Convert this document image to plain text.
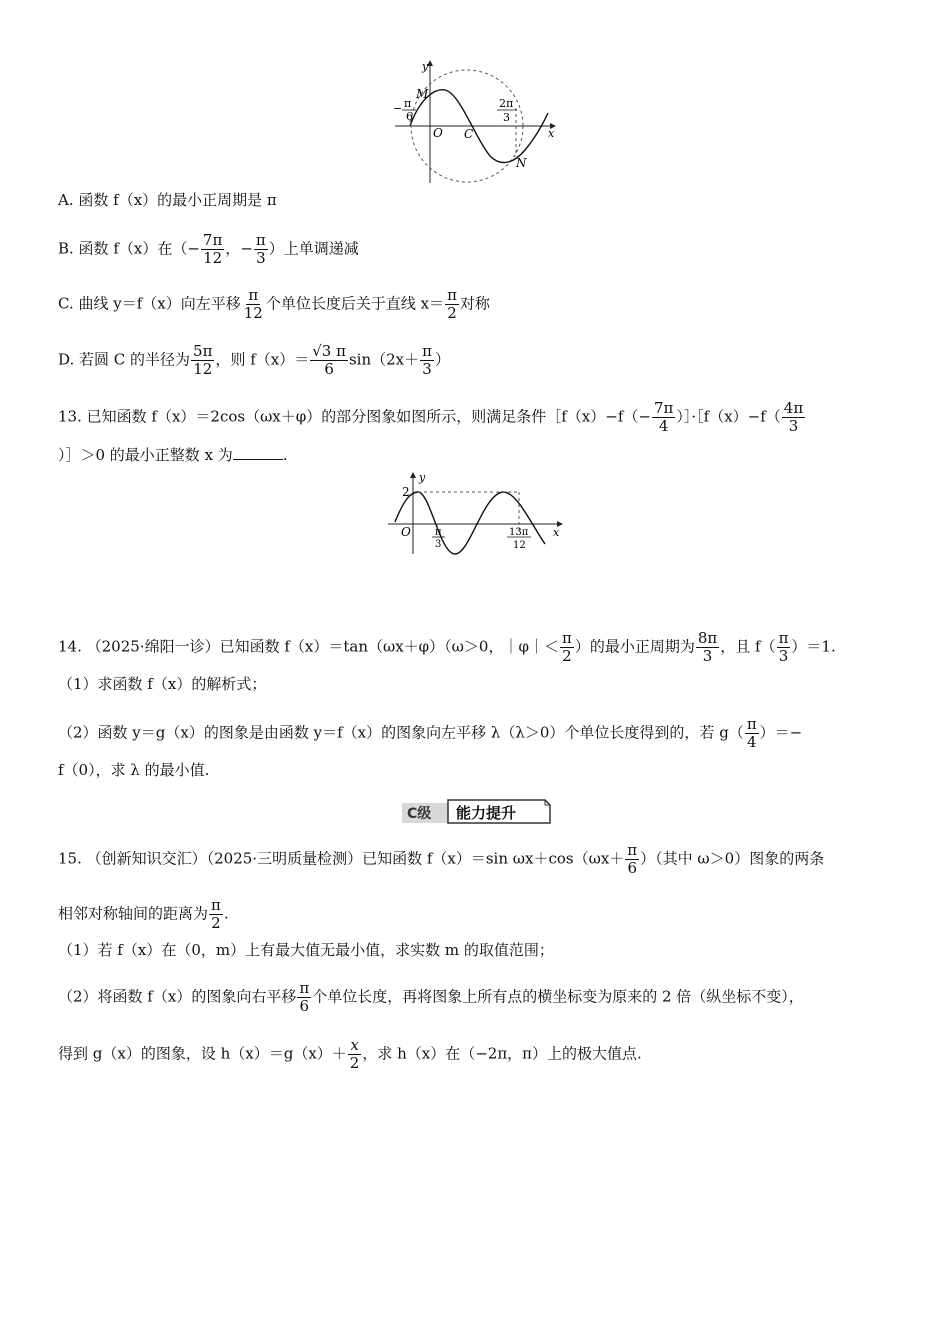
y
x
M
O C
N
− π
6
2π
3
A. 函数 f（x）的最小正周期是 π
B. 函数 f（x）在（− $\frac{7\pi}{12}$ ，− $\frac{\pi}{3}$ ）上单调递减
C. 曲线 y＝f（x）向左平移 $\frac{\pi}{12}$ 个单位长度后关于直线 $x= \frac{\pi}{2}$ 对称
D. 若圆 C 的半径为 $\frac{5\pi}{12}$ ，则 $f(x)= \frac{√3 \pi}{6} \sin(2x+ \frac{\pi}{3}$ ）
13. 已知函数 f（x）＝2cos（ωx＋φ）的部分图象如图所示，则满足条件［f（x）−f（− $\frac{7\pi}{4}$ ）］·［f（x）−f（ $\frac{4\pi}{3}$
）］＞0 的最小正整数 x 为	.
y
x
O
2
π
3
13π
12
14. （2025·绵阳一诊）已知函数 f（x）＝tan（ωx＋φ）（ω＞0，｜φ｜＜ $\frac{\pi}{2}$ ）的最小正周期为 $\frac{8\pi}{3}$ ，且 $f( \frac{\pi}{3} )=1$.
（1）求函数 f（x）的解析式；
（2）函数 y＝g（x）的图象是由函数 y＝f（x）的图象向左平移 λ（λ＞0）个单位长度得到的，若 $g( \frac{\pi}{4}$ ）＝−
f（0），求 λ 的最小值.
C级 能力提升
15. （创新知识交汇）（2025·三明质量检测）已知函数 f（x）＝sin $\omega x+\cos(\omega x+ \frac{\pi}{6}$ ）（其中 ω＞0）图象的两条
相邻对称轴间的距离为 $\frac{\pi}{2}$ .
（1）若 f（x）在（0，m）上有最大值无最小值，求实数 m 的取值范围；
（2）将函数 f（x）的图象向右平移 $\frac{\pi}{6}$ 个单位长度，再将图象上所有点的横坐标变为原来的 2 倍（纵坐标不变），
得到 g（x）的图象，设 $h(x)=g(x)+ \frac{x}{2}$ ，求 h（x）在（−2π，π）上的极大值点.
